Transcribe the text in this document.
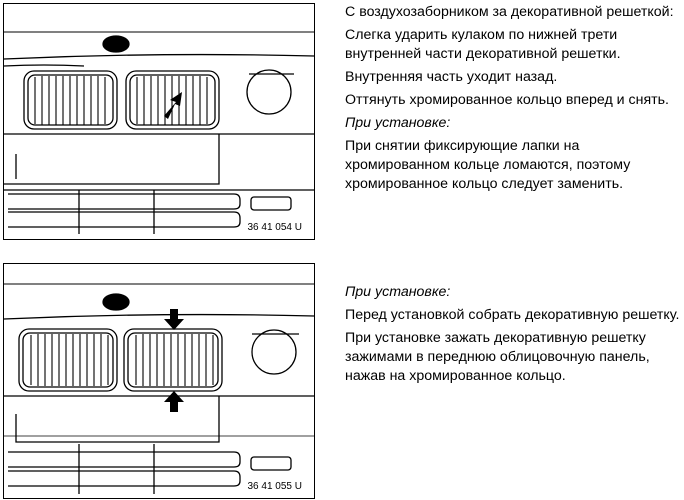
36 41 054 U

С воздухозаборником за декоративной решеткой:

Слегка ударить кулаком по нижней трети внутренней части декоративной решетки.

Внутренняя часть уходит назад.

Оттянуть хромированное кольцо вперед и снять.

При установке:

При снятии фиксирующие лапки на хромированном кольце ломаются, поэтому хромированное кольцо следует заменить.

36 41 055 U

При установке:

Перед установкой собрать декоративную решетку.

При установке зажать декоративную решетку зажимами в переднюю облицовочную панель, нажав на хромированное кольцо.
